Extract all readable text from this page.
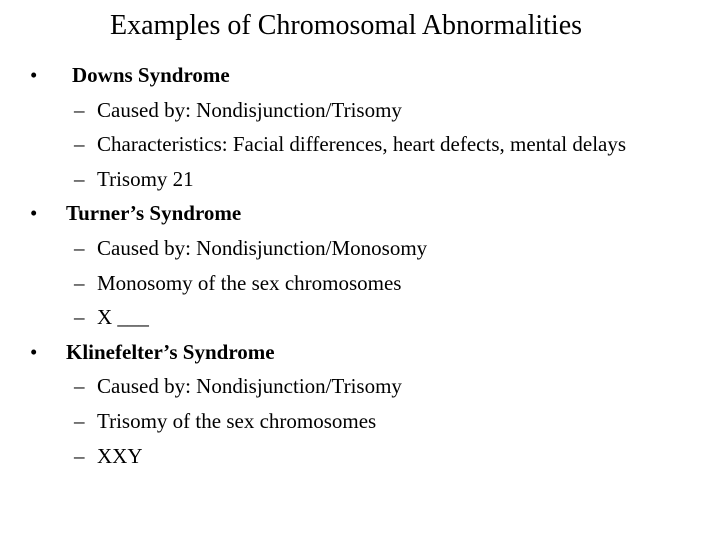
Examples of Chromosomal Abnormalities
• Downs Syndrome
– Caused by: Nondisjunction/Trisomy
– Characteristics: Facial differences, heart defects, mental delays
– Trisomy 21
• Turner’s Syndrome
– Caused by: Nondisjunction/Monosomy
– Monosomy of the sex chromosomes
– X ___
• Klinefelter’s Syndrome
– Caused by: Nondisjunction/Trisomy
– Trisomy of the sex chromosomes
– XXY
